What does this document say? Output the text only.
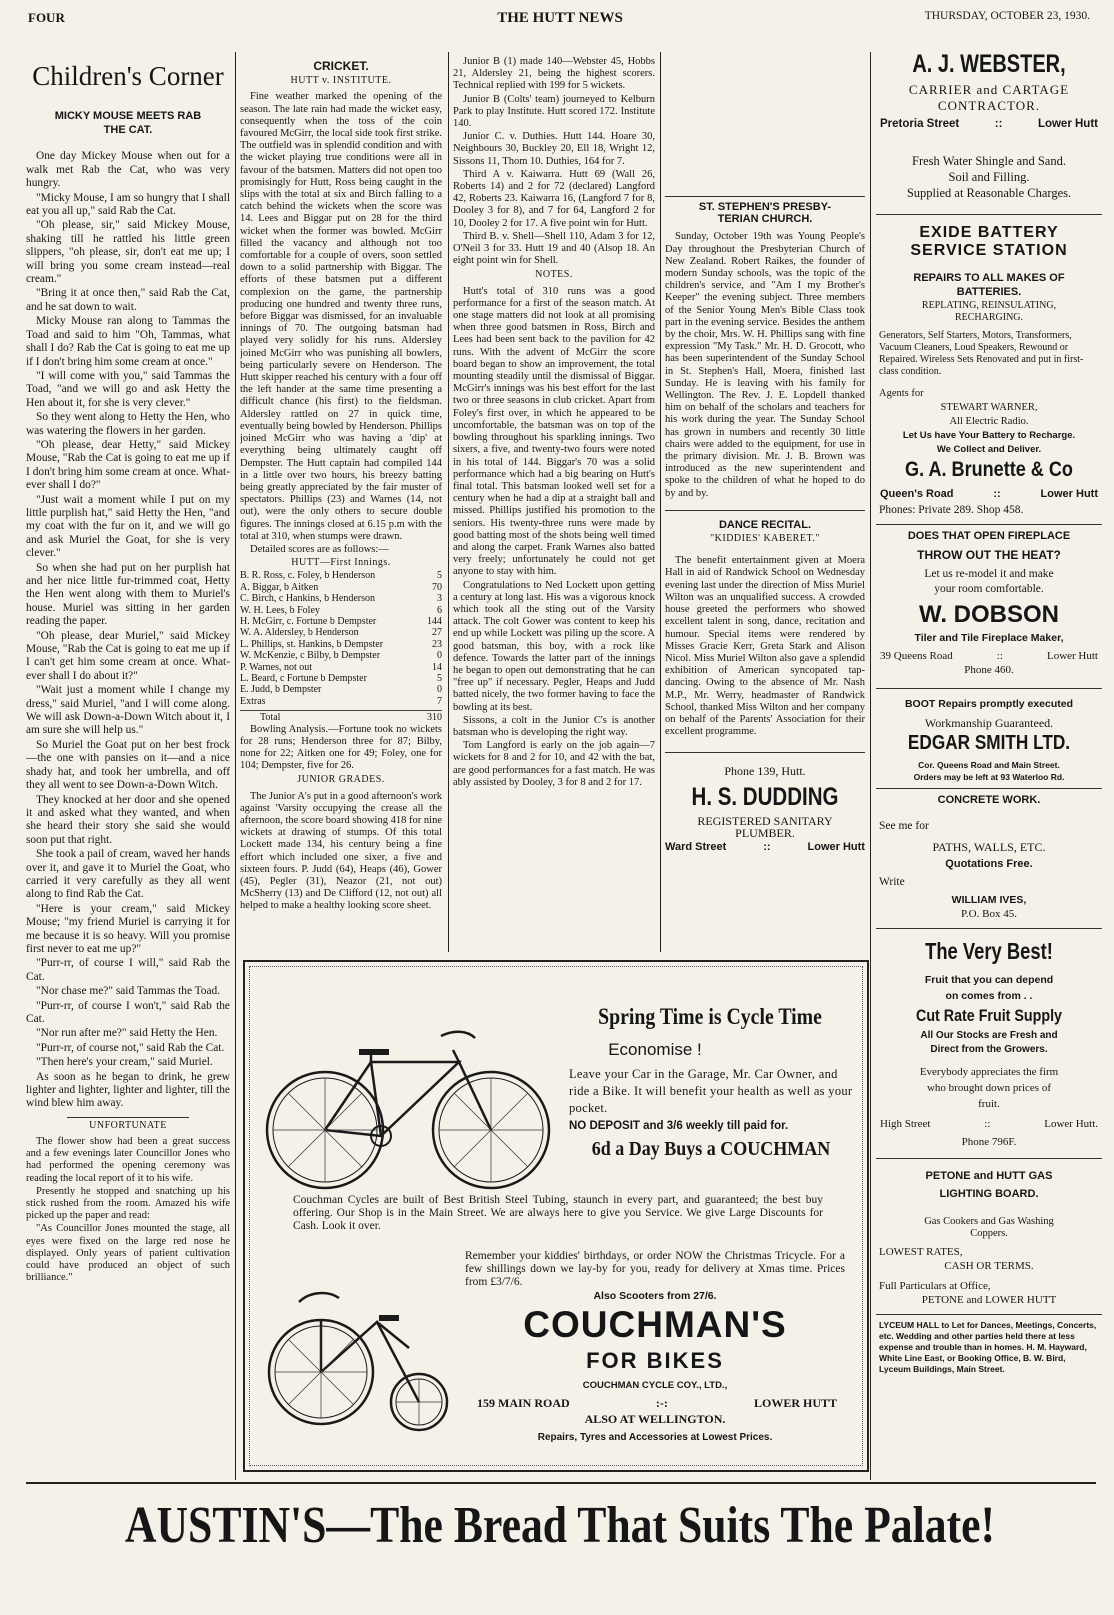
FOUR	THE HUTT NEWS	THURSDAY, OCTOBER 23, 1930.
Children's Corner
MICKY MOUSE MEETS RAB
THE CAT.

One day Mickey Mouse when out for a walk met Rab the Cat, who was very hungry.

"Micky Mouse, I am so hungry that I shall eat you all up," said Rab the Cat.

"Oh please, sir," said Mickey Mouse, shaking till he rattled his little green slippers, "oh please, sir, don't eat me up; I will bring you some cream instead—real cream."

"Bring it at once then," said Rab the Cat, and he sat down to wait.

Micky Mouse ran along to Tammas the Toad and said to him "Oh, Tammas, what shall I do? Rab the Cat is going to eat me up if I don't bring him some cream at once."

"I will come with you," said Tammas the Toad, "and we will go and ask Hetty the Hen about it, for she is very clever."

So they went along to Hetty the Hen, who was watering the flowers in her garden.

"Oh please, dear Hetty," said Mickey Mouse, "Rab the Cat is going to eat me up if I don't bring him some cream at once. What-ever shall I do?"

"Just wait a moment while I put on my little purplish hat," said Hetty the Hen, "and my coat with the fur on it, and we will go and ask Muriel the Goat, for she is very clever."

So when she had put on her purplish hat and her nice little fur-trimmed coat, Hetty the Hen went along with them to Muriel's house. Muriel was sitting in her garden reading the paper.

"Oh please, dear Muriel," said Mickey Mouse, "Rab the Cat is going to eat me up if I can't get him some cream at once. What-ever shall I do about it?"

"Wait just a moment while I change my dress," said Muriel, "and I will come along. We will ask Down-a-Down Witch about it, I am sure she will help us."

So Muriel the Goat put on her best frock—the one with pansies on it—and a nice shady hat, and took her umbrella, and off they all went to see Down-a-Down Witch.

They knocked at her door and she opened it and asked what they wanted, and when she heard their story she said she would soon put that right.

She took a pail of cream, waved her hands over it, and gave it to Muriel the Goat, who carried it very carefully as they all went along to find Rab the Cat.

"Here is your cream," said Mickey Mouse; "my friend Muriel is carrying it for me because it is so heavy. Will you promise first never to eat me up?"

"Purr-rr, of course I will," said Rab the Cat.

"Nor chase me?" said Tammas the Toad.

"Purr-rr, of course I won't," said Rab the Cat.

"Nor run after me?" said Hetty the Hen.

"Purr-rr, of course not," said Rab the Cat.

"Then here's your cream," said Muriel.

As soon as he began to drink, he grew lighter and lighter, lighter and lighter, till the wind blew him away.

UNFORTUNATE

The flower show had been a great success and a few evenings later Councillor Jones who had performed the opening ceremony was reading the local report of it to his wife.

Presently he stopped and snatching up his stick rushed from the room. Amazed his wife picked up the paper and read:

"As Councillor Jones mounted the stage, all eyes were fixed on the large red nose he displayed. Only years of patient cultivation could have produced an object of such brilliance."

CRICKET.
HUTT v. INSTITUTE.

Fine weather marked the opening of the season. The late rain had made the wicket easy, consequently when the toss of the coin favoured McGirr, the local side took first strike. The outfield was in splendid condition and with the wicket playing true conditions were all in favour of the batsmen. Matters did not open too promisingly for Hutt, Ross being caught in the slips with the total at six and Birch falling to a catch behind the wickets when the score was 14. Lees and Biggar put on 28 for the third wicket when the former was bowled. McGirr filled the vacancy and although not too comfortable for a couple of overs, soon settled down to a solid partnership with Biggar. The efforts of these batsmen put a different complexion on the game, the partnership producing one hundred and twenty three runs, before Biggar was dismissed, for an invaluable innings of 70. The outgoing batsman had played very solidly for his runs. Aldersley joined McGirr who was punishing all bowlers, being particularly severe on Henderson. The Hutt skipper reached his century with a four off the left hander at the same time presenting a difficult chance (his first) to the fieldsman. Aldersley rattled on 27 in quick time, eventually being bowled by Henderson. Phillips joined McGirr who was having a 'dip' at everything being ultimately caught off Dempster. The Hutt captain had compiled 144 in a little over two hours, his breezy batting being greatly appreciated by the fair muster of spectators. Phillips (23) and Warnes (14, not out), were the only others to secure double figures. The innings closed at 6.15 p.m with the total at 310, when stumps were drawn.

Detailed scores are as follows:—

HUTT—First Innings.
B. R. Ross, c. Foley, b Henderson	5
A. Biggar, b Aitken	70
C. Birch, c Hankins, b Henderson	3
W. H. Lees, b Foley	6
H. McGirr, c. Fortune b Dempster	144
W. A. Aldersley, b Henderson	27
L. Phillips, st. Hankins, b Dempster	23
W. McKenzie, c Bilby, b Dempster	0
P. Warnes, not out	14
L. Beard, c Fortune b Dempster	5
E. Judd, b Dempster	0
Extras	7
Total	310

Bowling Analysis.—Fortune took no wickets for 28 runs; Henderson three for 87; Bilby, none for 22; Aitken one for 49; Foley, one for 104; Dempster, five for 26.

JUNIOR GRADES.

The Junior A's put in a good afternoon's work against 'Varsity occupying the crease all the afternoon, the score board showing 418 for nine wickets at drawing of stumps. Of this total Lockett made 134, his century being a fine effort which included one sixer, a five and sixteen fours. P. Judd (64), Heaps (46), Gower (45), Pegler (31), Neazor (21, not out) McSherry (13) and De Clifford (12, not out) all helped to make a healthy looking score sheet.

Junior B (1) made 140—Webster 45, Hobbs 21, Aldersley 21, being the highest scorers. Technical replied with 199 for 5 wickets.

Junior B (Colts' team) journeyed to Kelburn Park to play Institute. Hutt scored 172. Institute 140.

Junior C. v. Duthies. Hutt 144. Hoare 30, Neighbours 30, Buckley 20, Ell 18, Wright 12, Sissons 11, Thom 10. Duthies, 164 for 7.

Third A v. Kaiwarra. Hutt 69 (Wall 26, Roberts 14) and 2 for 72 (declared) Langford 42, Roberts 23. Kaiwarra 16, (Langford 7 for 8, Dooley 3 for 8), and 7 for 64, Langford 2 for 10, Dooley 2 for 17. A five point win for Hutt.

Third B. v. Shell—Shell 110, Adam 3 for 12, O'Neil 3 for 33. Hutt 19 and 40 (Alsop 18. An eight point win for Shell.

NOTES.

Hutt's total of 310 runs was a good performance for a first of the season match. At one stage matters did not look at all promising when three good batsmen in Ross, Birch and Lees had been sent back to the pavilion for 42 runs. With the advent of McGirr the score board began to show an improvement, the total mounting steadily until the dismissal of Biggar. McGirr's innings was his best effort for the last two or three seasons in club cricket. Apart from Foley's first over, in which he appeared to be uncomfortable, the batsman was on top of the bowling throughout his sparkling innings. Two sixers, a five, and twenty-two fours were noted in his total of 144. Biggar's 70 was a solid performance which had a big bearing on Hutt's final total. This batsman looked well set for a century when he had a dip at a straight ball and missed. Phillips justified his promotion to the seniors. His twenty-three runs were made by good batting most of the shots being well timed and along the carpet. Frank Warnes also batted very freely; unfortunately he could not get anyone to stay with him.

Congratulations to Ned Lockett upon getting a century at long last. His was a vigorous knock which took all the sting out of the Varsity attack. The colt Gower was content to keep his end up while Lockett was piling up the score. A good batsman, this boy, with a rock like defence. Towards the latter part of the innings he began to open out demonstrating that he can "free up" if necessary. Pegler, Heaps and Judd batted nicely, the two former having to face the bowling at its best.

Sissons, a colt in the Junior C's is another batsman who is developing the right way.

Tom Langford is early on the job again—7 wickets for 8 and 2 for 10, and 42 with the bat, are good performances for a fast match. He was ably assisted by Dooley, 3 for 8 and 2 for 17.

ST. STEPHEN'S PRESBY-
TERIAN CHURCH.

Sunday, October 19th was Young People's Day throughout the Presbyterian Church of New Zealand. Robert Raikes, the founder of modern Sunday schools, was the topic of the children's service, and "Am I my Brother's Keeper" the evening subject. Three members of the Senior Young Men's Bible Class took part in the evening service. Besides the anthem by the choir, Mrs. W. H. Phillips sang with fine expression "My Task." Mr. H. D. Grocott, who has been superintendent of the Sunday School in St. Stephen's Hall, Moera, finished last Sunday. He is leaving with his family for Wellington. The Rev. J. E. Lopdell thanked him on behalf of the scholars and teachers for his work during the year. The Sunday School has grown in numbers and recently 30 little chairs were added to the equipment, for use in the primary division. Mr. J. B. Brown was introduced as the new superintendent and spoke to the children of what he hoped to do by and by.

DANCE RECITAL.
"KIDDIES' KABERET."

The benefit entertainment given at Moera Hall in aid of Randwick School on Wednesday evening last under the direction of Miss Muriel Wilton was an unqualified success. A crowded house greeted the performers who showed excellent talent in song, dance, recitation and humour. Special items were rendered by Misses Gracie Kerr, Greta Stark and Alison Nicol. Miss Muriel Wilton also gave a splendid exhibition of American syncopated tap-dancing. Owing to the absence of Mr. Nash M.P., Mr. Werry, headmaster of Randwick School, thanked Miss Wilton and her company on behalf of the Parents' Association for their excellent programme.

Phone 139, Hutt.
H. S. DUDDING
REGISTERED SANITARY
PLUMBER.
Ward Street	::	Lower Hutt
A. J. WEBSTER,
CARRIER and CARTAGE
CONTRACTOR.
Pretoria Street	::	Lower Hutt
Fresh Water Shingle and Sand.
Soil and Filling.
Supplied at Reasonable Charges.
EXIDE BATTERY
SERVICE STATION
REPAIRS TO ALL MAKES OF
BATTERIES.
REPLATING, REINSULATING,
RECHARGING.
Generators, Self Starters, Motors, Transformers, Vacuum Cleaners, Loud Speakers, Rewound or Repaired. Wireless Sets Renovated and put in first-class condition.
Agents for
STEWART WARNER,
All Electric Radio.
Let Us have Your Battery to Recharge.
We Collect and Deliver.
G. A. Brunette & Co
Queen's Road	::	Lower Hutt
Phones: Private 289. Shop 458.
DOES THAT OPEN FIREPLACE
THROW OUT THE HEAT?
Let us re-model it and make
your room comfortable.
W. DOBSON
Tiler and Tile Fireplace Maker,
39 Queens Road	::	Lower Hutt
Phone 460.
BOOT Repairs promptly executed
Workmanship Guaranteed.
EDGAR SMITH LTD.
Cor. Queens Road and Main Street.
Orders may be left at 93 Waterloo Rd.
CONCRETE WORK.
See me for
PATHS, WALLS, ETC.
Quotations Free.
Write
WILLIAM IVES,
P.O. Box 45.
The Very Best!
Fruit that you can depend
on comes from . .
Cut Rate Fruit Supply
All Our Stocks are Fresh and
Direct from the Growers.
Everybody appreciates the firm
who brought down prices of
fruit.
High Street	::	Lower Hutt.
Phone 796F.
PETONE and HUTT GAS
LIGHTING BOARD.
Gas Cookers and Gas Washing
Coppers.
LOWEST RATES,
CASH OR TERMS.
Full Particulars at Office,
PETONE and LOWER HUTT
LYCEUM HALL to Let for Dances, Meetings, Concerts, etc. Wedding and other parties held there at less expense and trouble than in homes. H. M. Hayward, White Line East, or Booking Office, B. W. Bird, Lyceum Buildings, Main Street.
Spring Time is Cycle Time
Economise !
Leave your Car in the Garage, Mr. Car Owner, and ride a Bike. It will benefit your health as well as your pocket.
NO DEPOSIT and 3/6 weekly till paid for.
6d a Day Buys a COUCHMAN
Couchman Cycles are built of Best British Steel Tubing, staunch in every part, and guaranteed; the best buy offering. Our Shop is in the Main Street. We are always here to give you Service. We give Large Discounts for Cash. Look it over.
Remember your kiddies' birthdays, or order NOW the Christmas Tricycle. For a few shillings down we lay-by for you, ready for delivery at Xmas time. Prices from £3/7/6.
Also Scooters from 27/6.
COUCHMAN'S
FOR BIKES
COUCHMAN CYCLE COY., LTD.,
159 MAIN ROAD	:-:	LOWER HUTT
ALSO AT WELLINGTON.
Repairs, Tyres and Accessories at Lowest Prices.
AUSTIN'S—The Bread That Suits The Palate!
